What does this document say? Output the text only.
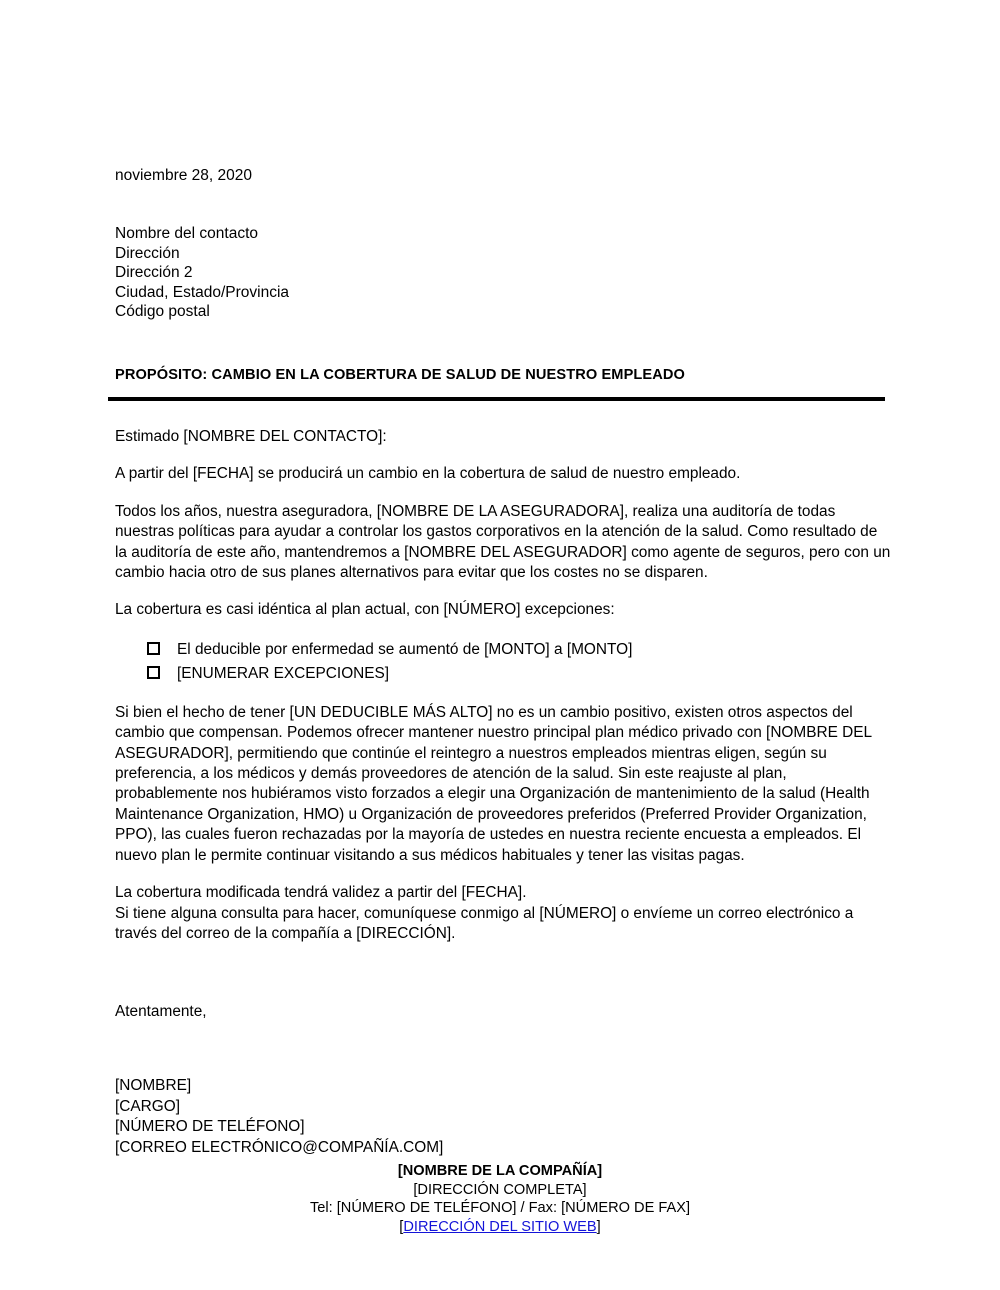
noviembre 28, 2020
Nombre del contacto
Dirección
Dirección 2
Ciudad, Estado/Provincia
Código postal
PROPÓSITO: CAMBIO EN LA COBERTURA DE SALUD DE NUESTRO EMPLEADO

Estimado [NOMBRE DEL CONTACTO]:

A partir del [FECHA] se producirá un cambio en la cobertura de salud de nuestro empleado.

Todos los años, nuestra aseguradora, [NOMBRE DE LA ASEGURADORA], realiza una auditoría de todas nuestras políticas para ayudar a controlar los gastos corporativos en la atención de la salud. Como resultado de la auditoría de este año, mantendremos a [NOMBRE DEL ASEGURADOR] como agente de seguros, pero con un cambio hacia otro de sus planes alternativos para evitar que los costes no se disparen.

La cobertura es casi idéntica al plan actual, con [NÚMERO] excepciones:

El deducible por enfermedad se aumentó de [MONTO] a [MONTO]
[ENUMERAR EXCEPCIONES]

Si bien el hecho de tener [UN DEDUCIBLE MÁS ALTO] no es un cambio positivo, existen otros aspectos del cambio que compensan. Podemos ofrecer mantener nuestro principal plan médico privado con [NOMBRE DEL ASEGURADOR], permitiendo que continúe el reintegro a nuestros empleados mientras eligen, según su preferencia, a los médicos y demás proveedores de atención de la salud. Sin este reajuste al plan, probablemente nos hubiéramos visto forzados a elegir una Organización de mantenimiento de la salud (Health Maintenance Organization, HMO) u Organización de proveedores preferidos (Preferred Provider Organization, PPO), las cuales fueron rechazadas por la mayoría de ustedes en nuestra reciente encuesta a empleados. El nuevo plan le permite continuar visitando a sus médicos habituales y tener las visitas pagas.

La cobertura modificada tendrá validez a partir del [FECHA].

Si tiene alguna consulta para hacer, comuníquese conmigo al [NÚMERO] o envíeme un correo electrónico a través del correo de la compañía a [DIRECCIÓN].

Atentamente,
[NOMBRE]
[CARGO]
[NÚMERO DE TELÉFONO]
[CORREO ELECTRÓNICO@COMPAÑÍA.COM]
[NOMBRE DE LA COMPAÑÍA]
[DIRECCIÓN COMPLETA]
Tel: [NÚMERO DE TELÉFONO] / Fax: [NÚMERO DE FAX]
[DIRECCIÓN DEL SITIO WEB]
